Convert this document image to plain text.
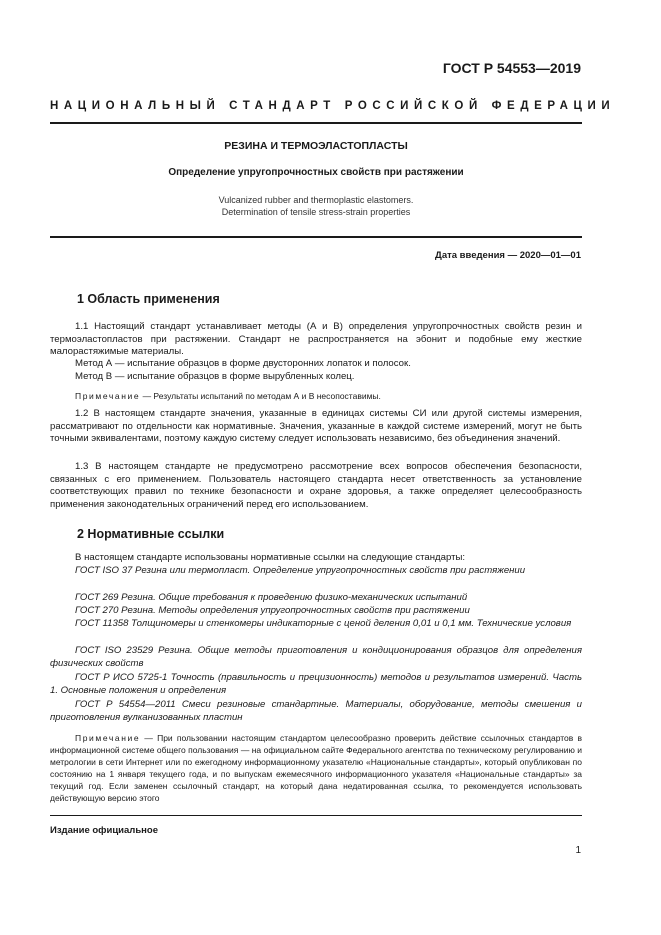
ГОСТ Р 54553—2019
НАЦИОНАЛЬНЫЙ СТАНДАРТ РОССИЙСКОЙ ФЕДЕРАЦИИ
РЕЗИНА И ТЕРМОЭЛАСТОПЛАСТЫ
Определение упругопрочностных свойств при растяжении
Vulcanized rubber and thermoplastic elastomers.
Determination of tensile stress-strain properties
Дата введения — 2020—01—01
1 Область применения
1.1 Настоящий стандарт устанавливает методы (А и В) определения упругопрочностных свойств резин и термоэластопластов при растяжении. Стандарт не распространяется на эбонит и подобные ему жесткие малорастяжимые материалы.
Метод А — испытание образцов в форме двусторонних лопаток и полосок.
Метод В — испытание образцов в форме вырубленных колец.
Примечание — Результаты испытаний по методам А и В несопоставимы.
1.2 В настоящем стандарте значения, указанные в единицах системы СИ или другой системы измерения, рассматривают по отдельности как нормативные. Значения, указанные в каждой системе измерений, могут не быть точными эквивалентами, поэтому каждую систему следует использовать независимо, без объединения значений.
1.3 В настоящем стандарте не предусмотрено рассмотрение всех вопросов обеспечения безопасности, связанных с его применением. Пользователь настоящего стандарта несет ответственность за установление соответствующих правил по технике безопасности и охране здоровья, а также определяет целесообразность применения законодательных ограничений перед его использованием.
2 Нормативные ссылки
В настоящем стандарте использованы нормативные ссылки на следующие стандарты:
ГОСТ ISO 37 Резина или термопласт. Определение упругопрочностных свойств при растяжении
ГОСТ 269 Резина. Общие требования к проведению физико-механических испытаний
ГОСТ 270 Резина. Методы определения упругопрочностных свойств при растяжении
ГОСТ 11358 Толщиномеры и стенкомеры индикаторные с ценой деления 0,01 и 0,1 мм. Технические условия
ГОСТ ISO 23529 Резина. Общие методы приготовления и кондиционирования образцов для определения физических свойств
ГОСТ Р ИСО 5725-1 Точность (правильность и прецизионность) методов и результатов измерений. Часть 1. Основные положения и определения
ГОСТ Р 54554—2011 Смеси резиновые стандартные. Материалы, оборудование, методы смешения и приготовления вулканизованных пластин
Примечание — При пользовании настоящим стандартом целесообразно проверить действие ссылочных стандартов в информационной системе общего пользования — на официальном сайте Федерального агентства по техническому регулированию и метрологии в сети Интернет или по ежегодному информационному указателю «Национальные стандарты», который опубликован по состоянию на 1 января текущего года, и по выпускам ежемесячного информационного указателя «Национальные стандарты» за текущий год. Если заменен ссылочный стандарт, на который дана недатированная ссылка, то рекомендуется использовать действующую версию этого
Издание официальное
1
